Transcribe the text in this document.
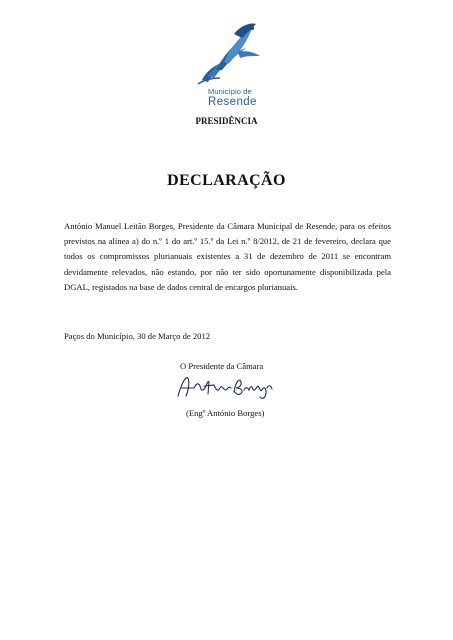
Município de
Resende
PRESIDÊNCIA
DECLARAÇÃO

António Manuel Leitão Borges, Presidente da Câmara Municipal de Resende, para os efeitos previstos na alínea a) do n.º 1 do art.º 15.º da Lei n.º 8/2012, de 21 de fevereiro, declara que todos os compromissos plurianuais existentes a 31 de dezembro de 2011 se encontram devidamente relevados, não estando, por não ter sido oportunamente disponibilizada pela DGAL, registados na base de dados central de encargos plurianuais.

Paços do Município, 30 de Março de 2012
O Presidente da Câmara
(Engº António Borges)
